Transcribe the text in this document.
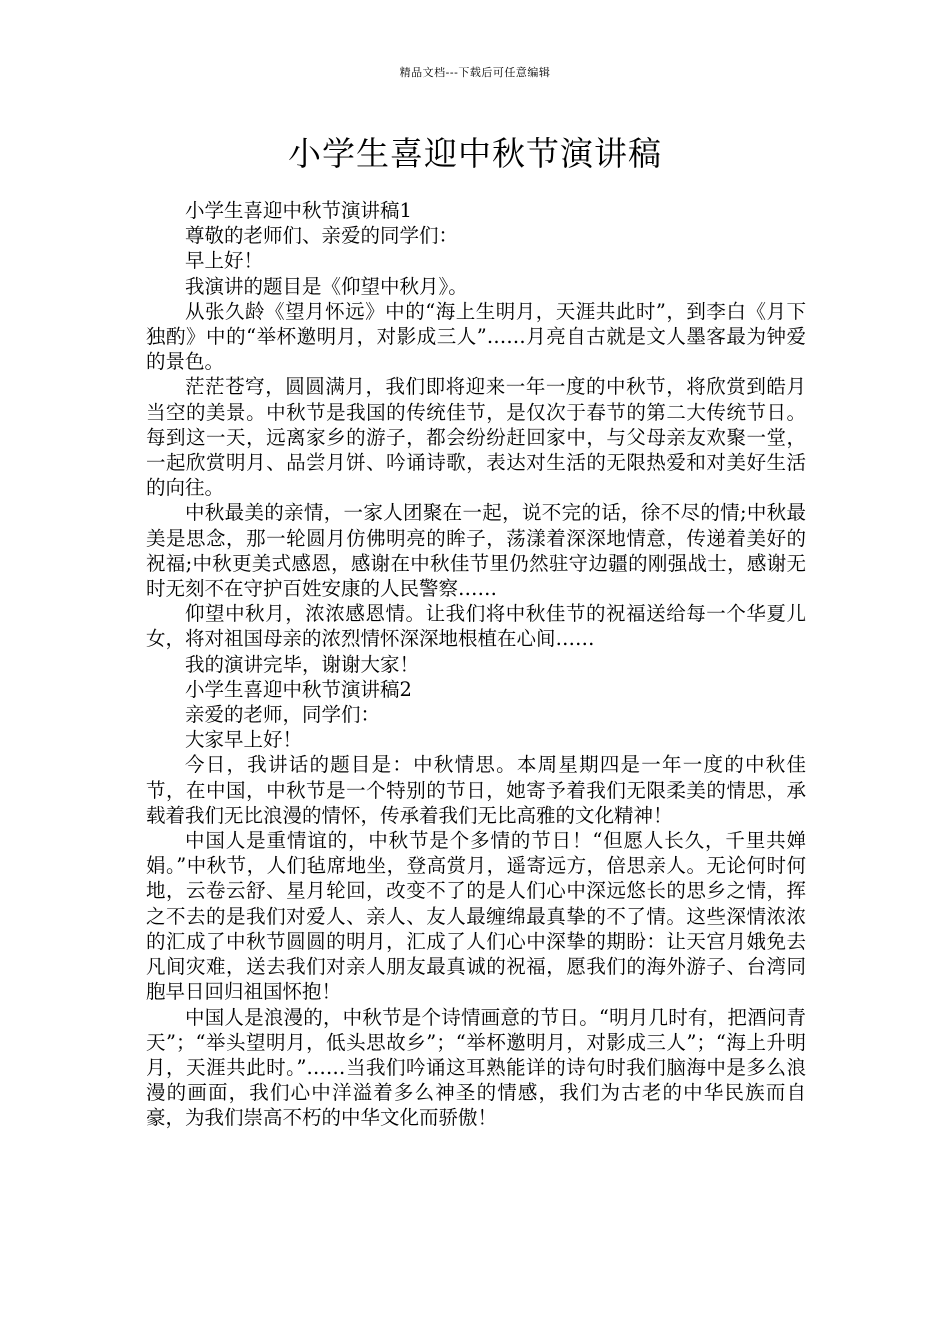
精品文档---下载后可任意编辑
小学生喜迎中秋节演讲稿

小学生喜迎中秋节演讲稿1

尊敬的老师们、亲爱的同学们：

早上好！

我演讲的题目是《仰望中秋月》。

从张久龄《望月怀远》中的“海上生明月，天涯共此时”，到李白《月下独酌》中的“举杯邀明月，对影成三人”……月亮自古就是文人墨客最为钟爱的景色。

茫茫苍穹，圆圆满月，我们即将迎来一年一度的中秋节，将欣赏到皓月当空的美景。中秋节是我国的传统佳节，是仅次于春节的第二大传统节日。每到这一天，远离家乡的游子，都会纷纷赶回家中，与父母亲友欢聚一堂，一起欣赏明月、品尝月饼、吟诵诗歌，表达对生活的无限热爱和对美好生活的向往。

中秋最美的亲情，一家人团聚在一起，说不完的话，徐不尽的情;中秋最美是思念，那一轮圆月仿佛明亮的眸子，荡漾着深深地情意，传递着美好的祝福;中秋更美式感恩，感谢在中秋佳节里仍然驻守边疆的刚强战士，感谢无时无刻不在守护百姓安康的人民警察……

仰望中秋月，浓浓感恩情。让我们将中秋佳节的祝福送给每一个华夏儿女，将对祖国母亲的浓烈情怀深深地根植在心间……

我的演讲完毕，谢谢大家！

小学生喜迎中秋节演讲稿2

亲爱的老师，同学们：

大家早上好！

今日，我讲话的题目是：中秋情思。本周星期四是一年一度的中秋佳节，在中国，中秋节是一个特别的节日，她寄予着我们无限柔美的情思，承载着我们无比浪漫的情怀，传承着我们无比高雅的文化精神！

中国人是重情谊的，中秋节是个多情的节日！“但愿人长久，千里共婵娟。”中秋节，人们毡席地坐，登高赏月，遥寄远方，倍思亲人。无论何时何地，云卷云舒、星月轮回，改变不了的是人们心中深远悠长的思乡之情，挥之不去的是我们对爱人、亲人、友人最缠绵最真挚的不了情。这些深情浓浓的汇成了中秋节圆圆的明月，汇成了人们心中深挚的期盼：让天宫月娥免去凡间灾难，送去我们对亲人朋友最真诚的祝福，愿我们的海外游子、台湾同胞早日回归祖国怀抱！

中国人是浪漫的，中秋节是个诗情画意的节日。“明月几时有，把酒问青天”；“举头望明月，低头思故乡”；“举杯邀明月，对影成三人”；“海上升明月，天涯共此时。”……当我们吟诵这耳熟能详的诗句时我们脑海中是多么浪漫的画面，我们心中洋溢着多么神圣的情感，我们为古老的中华民族而自豪，为我们崇高不朽的中华文化而骄傲！
